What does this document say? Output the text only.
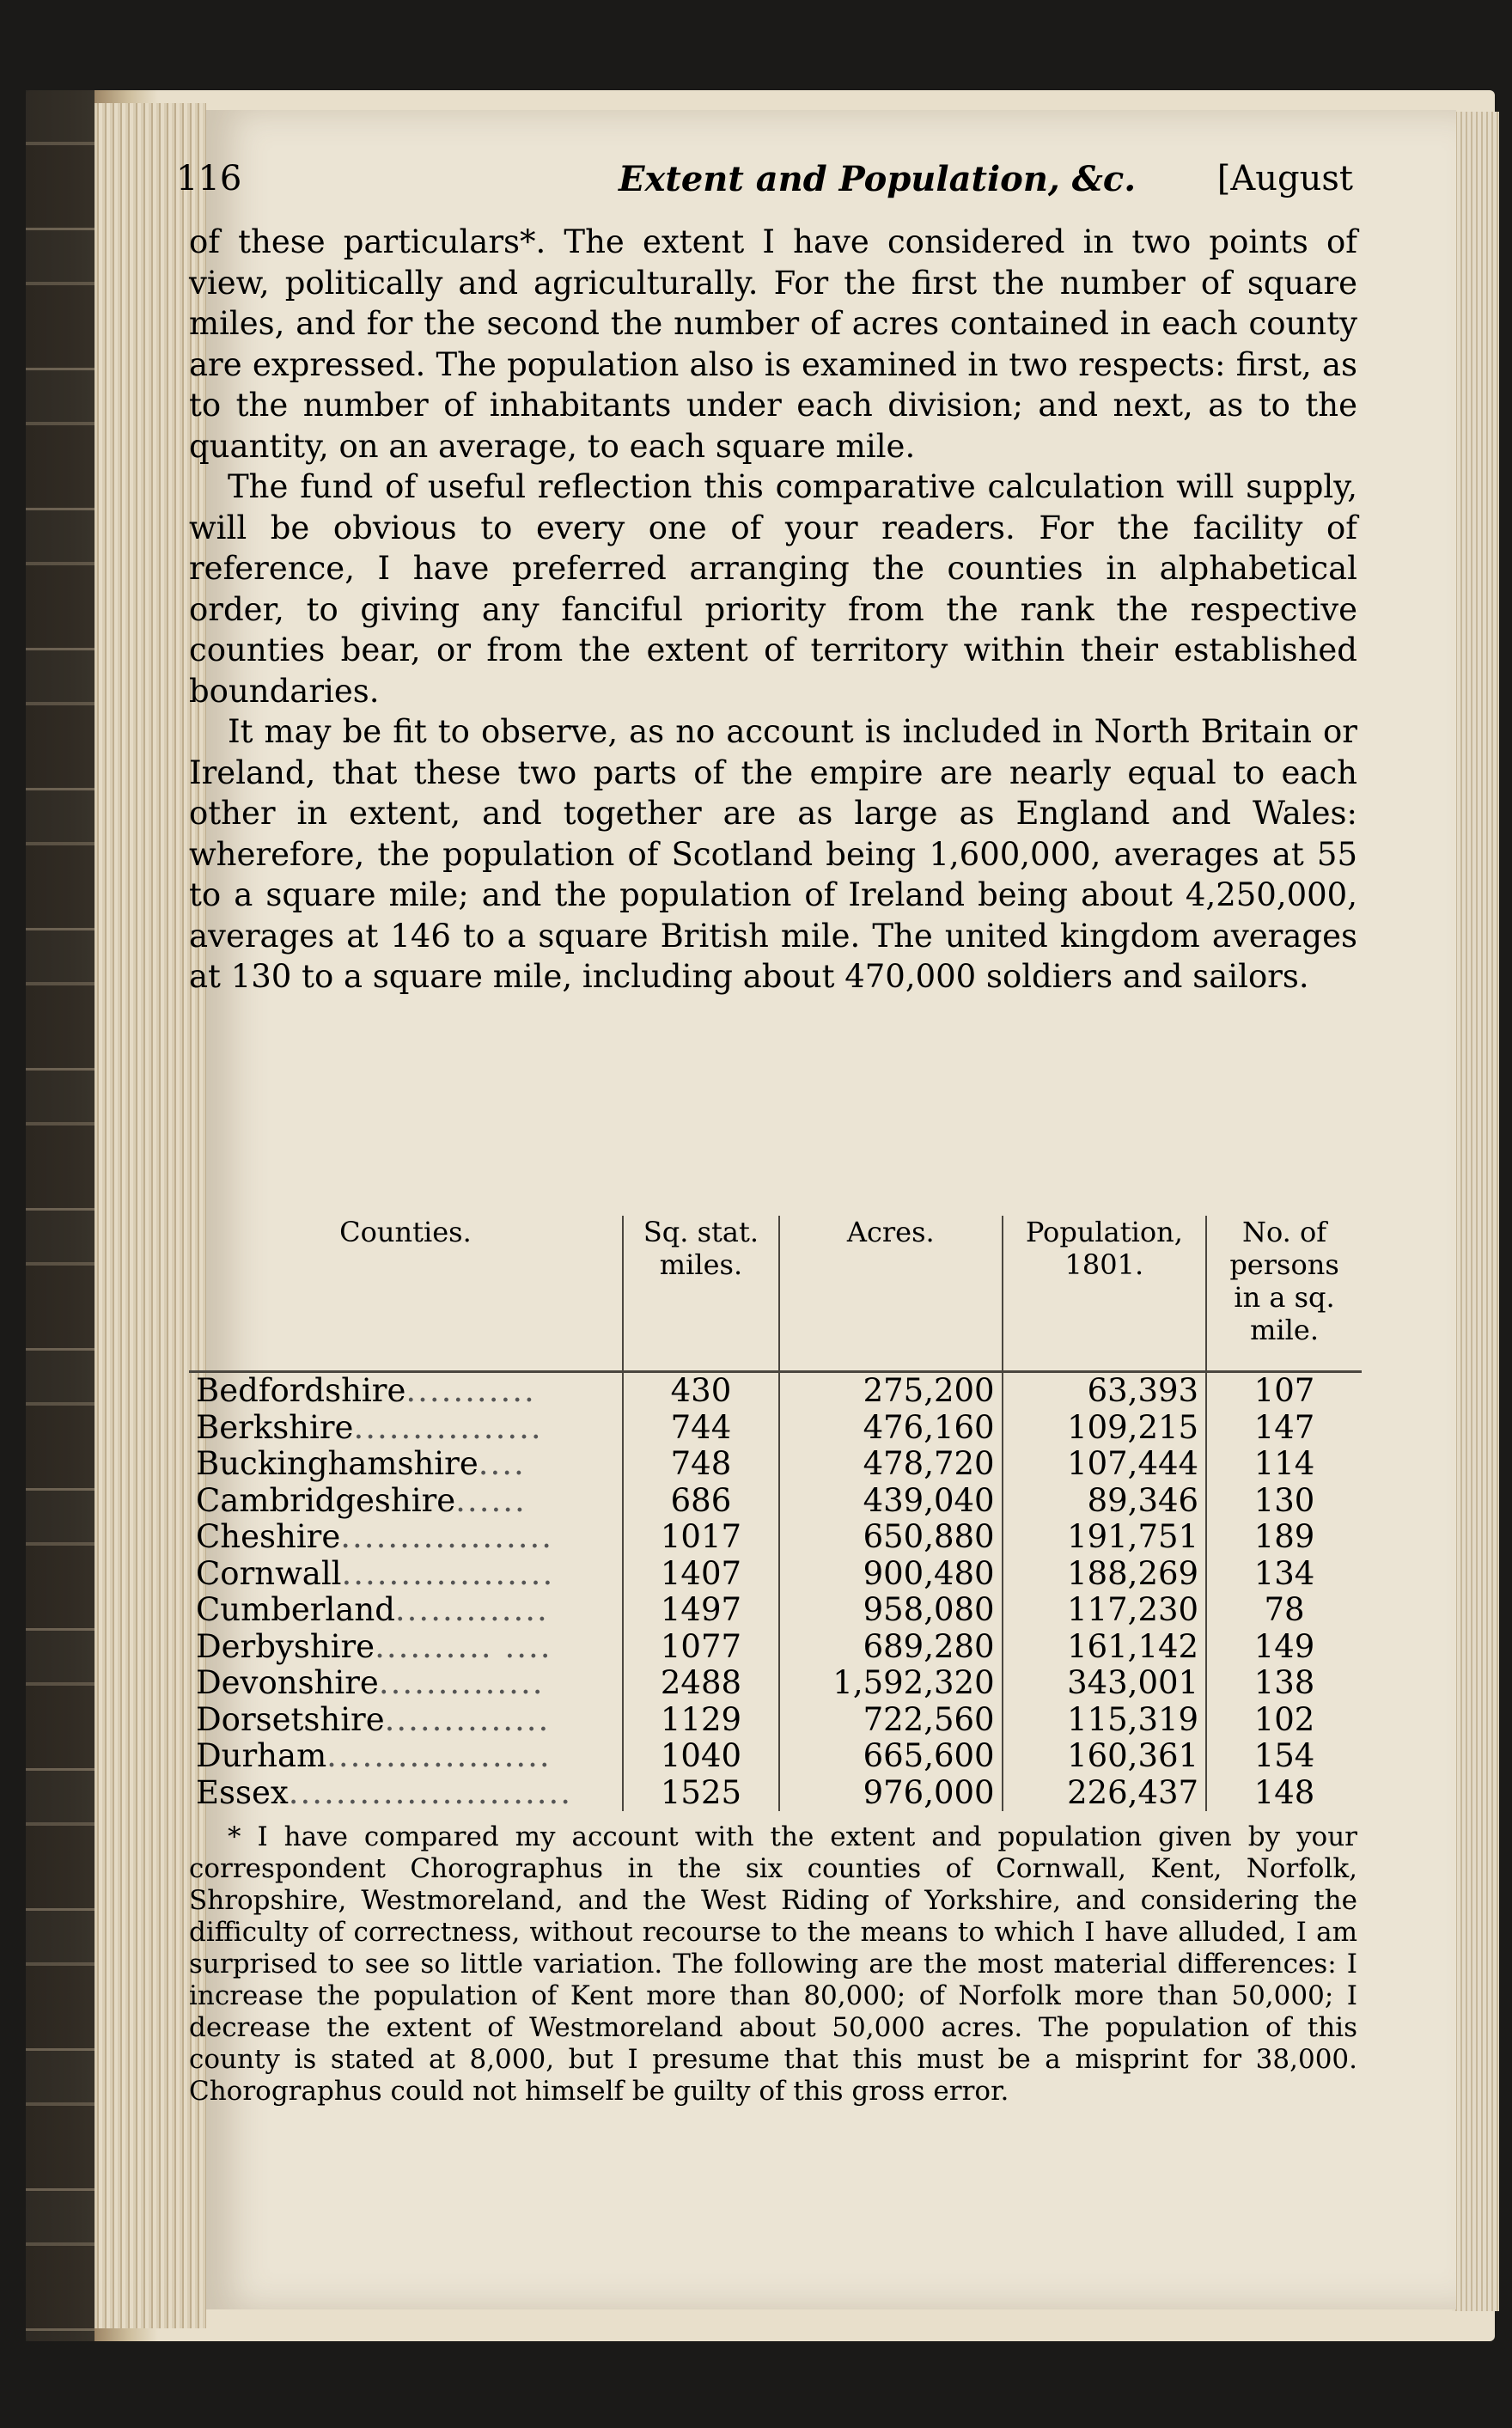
116	Extent and Population, &c. [August

of these particulars*. The extent I have considered in two points of view, politically and agriculturally. For the first the number of square miles, and for the second the number of acres contained in each county are expressed. The population also is examined in two respects: first, as to the number of inhabitants under each division; and next, as to the quantity, on an average, to each square mile.

The fund of useful reflection this comparative calculation will supply, will be obvious to every one of your readers. For the facility of reference, I have preferred arranging the counties in alphabetical order, to giving any fanciful priority from the rank the respective counties bear, or from the extent of territory within their established boundaries.

It may be fit to observe, as no account is included in North Britain or Ireland, that these two parts of the empire are nearly equal to each other in extent, and together are as large as England and Wales: wherefore, the population of Scotland being 1,600,000, averages at 55 to a square mile; and the population of Ireland being about 4,250,000, averages at 146 to a square British mile. The united kingdom averages at 130 to a square mile, including about 470,000 soldiers and sailors.

Counties.	Sq. stat. miles.	Acres.	Population, 1801.	No. of persons in a sq. mile.
Bedfordshire...........	430	275,200	63,393	107
Berkshire................	744	476,160	109,215	147
Buckinghamshire....	748	478,720	107,444	114
Cambridgeshire......	686	439,040	89,346	130
Cheshire..................	1017	650,880	191,751	189
Cornwall..................	1407	900,480	188,269	134
Cumberland.............	1497	958,080	117,230	78
Derbyshire.......... ....	1077	689,280	161,142	149
Devonshire..............	2488	1,592,320	343,001	138
Dorsetshire..............	1129	722,560	115,319	102
Durham...................	1040	665,600	160,361	154
Essex........................	1525	976,000	226,437	148

* I have compared my account with the extent and population given by your correspondent Chorographus in the six counties of Cornwall, Kent, Norfolk, Shropshire, Westmoreland, and the West Riding of Yorkshire, and considering the difficulty of correctness, without recourse to the means to which I have alluded, I am surprised to see so little variation. The following are the most material differences: I increase the population of Kent more than 80,000; of Norfolk more than 50,000; I decrease the extent of Westmoreland about 50,000 acres. The population of this county is stated at 8,000, but I presume that this must be a misprint for 38,000. Chorographus could not himself be guilty of this gross error.
